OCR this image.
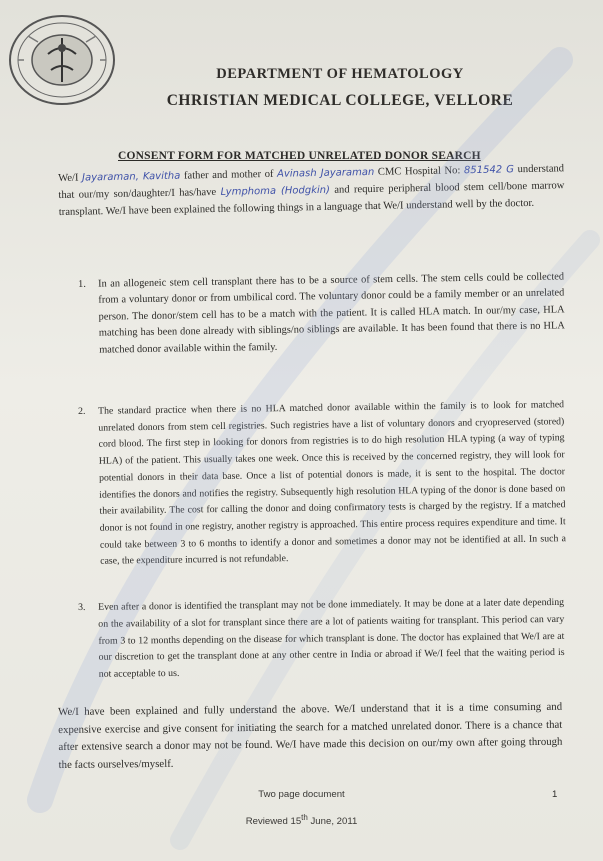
DEPARTMENT OF HEMATOLOGY
CHRISTIAN MEDICAL COLLEGE, VELLORE
CONSENT FORM FOR MATCHED UNRELATED DONOR SEARCH
We/I Jayaraman, Kavitha father and mother of Avinash Jayaraman CMC Hospital No: 851542 G understand that our/my son/daughter/I has/have Lymphoma (Hodgkin) and require peripheral blood stem cell/bone marrow transplant. We/I have been explained the following things in a language that We/I understand well by the doctor.
1. In an allogeneic stem cell transplant there has to be a source of stem cells. The stem cells could be collected from a voluntary donor or from umbilical cord. The voluntary donor could be a family member or an unrelated person. The donor/stem cell has to be a match with the patient. It is called HLA match. In our/my case, HLA matching has been done already with siblings/no siblings are available. It has been found that there is no HLA matched donor available within the family.
2. The standard practice when there is no HLA matched donor available within the family is to look for matched unrelated donors from stem cell registries. Such registries have a list of voluntary donors and cryopreserved (stored) cord blood. The first step in looking for donors from registries is to do high resolution HLA typing (a way of typing HLA) of the patient. This usually takes one week. Once this is received by the concerned registry, they will look for potential donors in their data base. Once a list of potential donors is made, it is sent to the hospital. The doctor identifies the donors and notifies the registry. Subsequently high resolution HLA typing of the donor is done based on their availability. The cost for calling the donor and doing confirmatory tests is charged by the registry. If a matched donor is not found in one registry, another registry is approached. This entire process requires expenditure and time. It could take between 3 to 6 months to identify a donor and sometimes a donor may not be identified at all. In such a case, the expenditure incurred is not refundable.
3. Even after a donor is identified the transplant may not be done immediately. It may be done at a later date depending on the availability of a slot for transplant since there are a lot of patients waiting for transplant. This period can vary from 3 to 12 months depending on the disease for which transplant is done. The doctor has explained that We/I are at our discretion to get the transplant done at any other centre in India or abroad if We/I feel that the waiting period is not acceptable to us.
We/I have been explained and fully understand the above. We/I understand that it is a time consuming and expensive exercise and give consent for initiating the search for a matched unrelated donor. There is a chance that after extensive search a donor may not be found. We/I have made this decision on our/my own after going through the facts ourselves/myself.
Two page document	1
Reviewed 15th June, 2011
